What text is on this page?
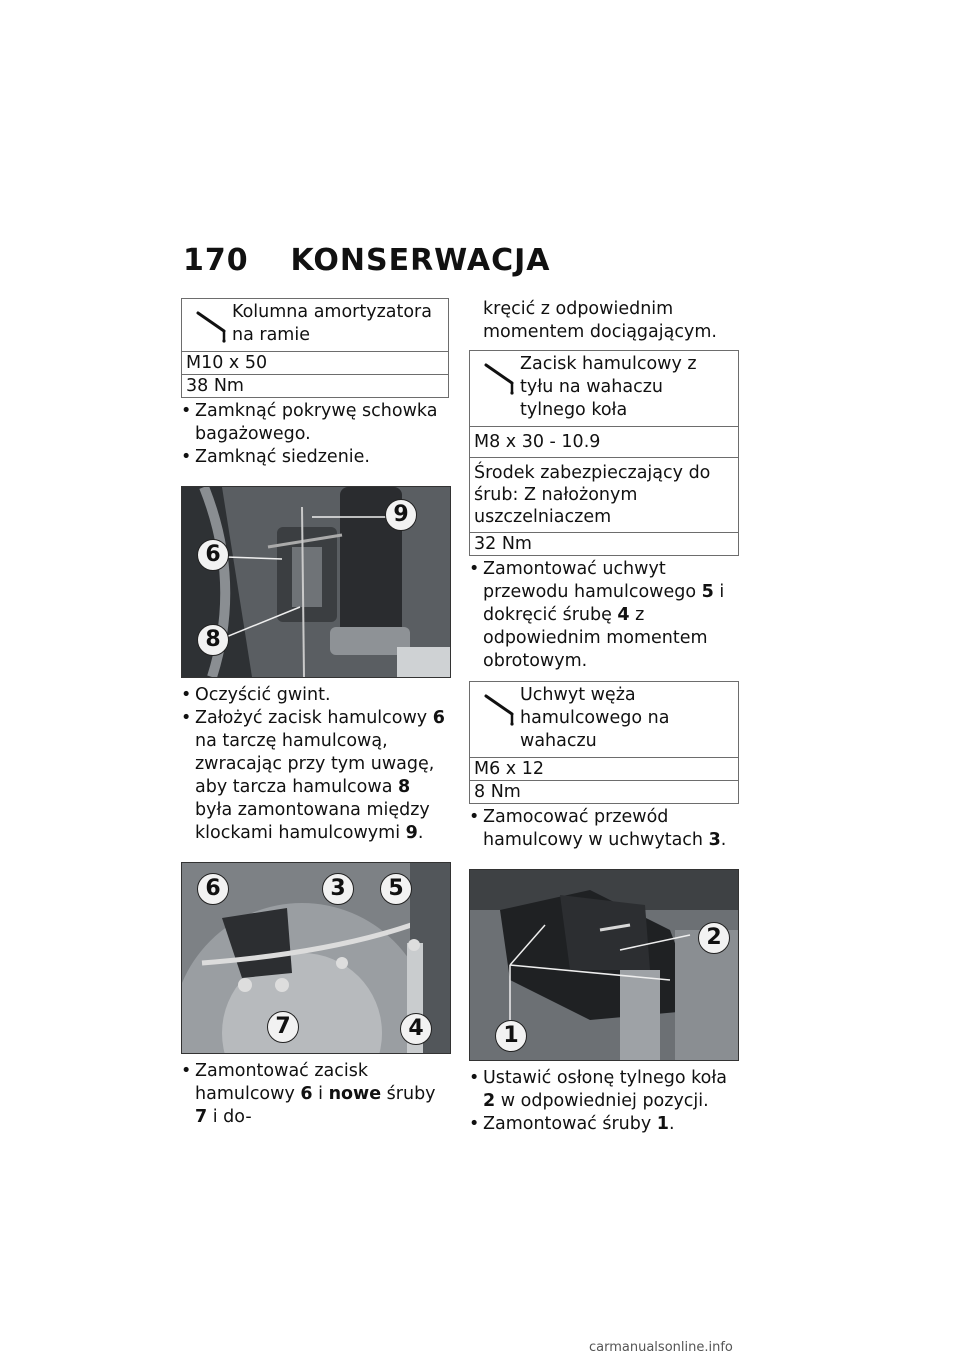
170 KONSERWACJA
Kolumna amortyzatora na ramie
M10 x 50
38 Nm
• Zamknąć pokrywę schowka bagażowego.
• Zamknąć siedzenie.
9
6
8
• Oczyścić gwint.
• Założyć zacisk hamulcowy 6 na tarczę hamulcową, zwracając przy tym uwagę, aby tarcza hamulcowa 8 była zamontowana między klockami hamulcowymi 9.
6	3	5
7	4
• Zamontować zacisk hamulcowy 6 i nowe śruby 7 i do-
kręcić z odpowiednim momentem dociągającym.
Zacisk hamulcowy z tyłu na wahaczu tylnego koła
M8 x 30 - 10.9
Środek zabezpieczający do śrub: Z nałożonym uszczelniaczem
32 Nm
• Zamontować uchwyt przewodu hamulcowego 5 i dokręcić śrubę 4 z odpowiednim momentem obrotowym.
Uchwyt węża hamulcowego na wahaczu
M6 x 12
8 Nm
• Zamocować przewód hamulcowy w uchwytach 3.
2
1
• Ustawić osłonę tylnego koła 2 w odpowiedniej pozycji.
• Zamontować śruby 1.
carmanualsonline.info
